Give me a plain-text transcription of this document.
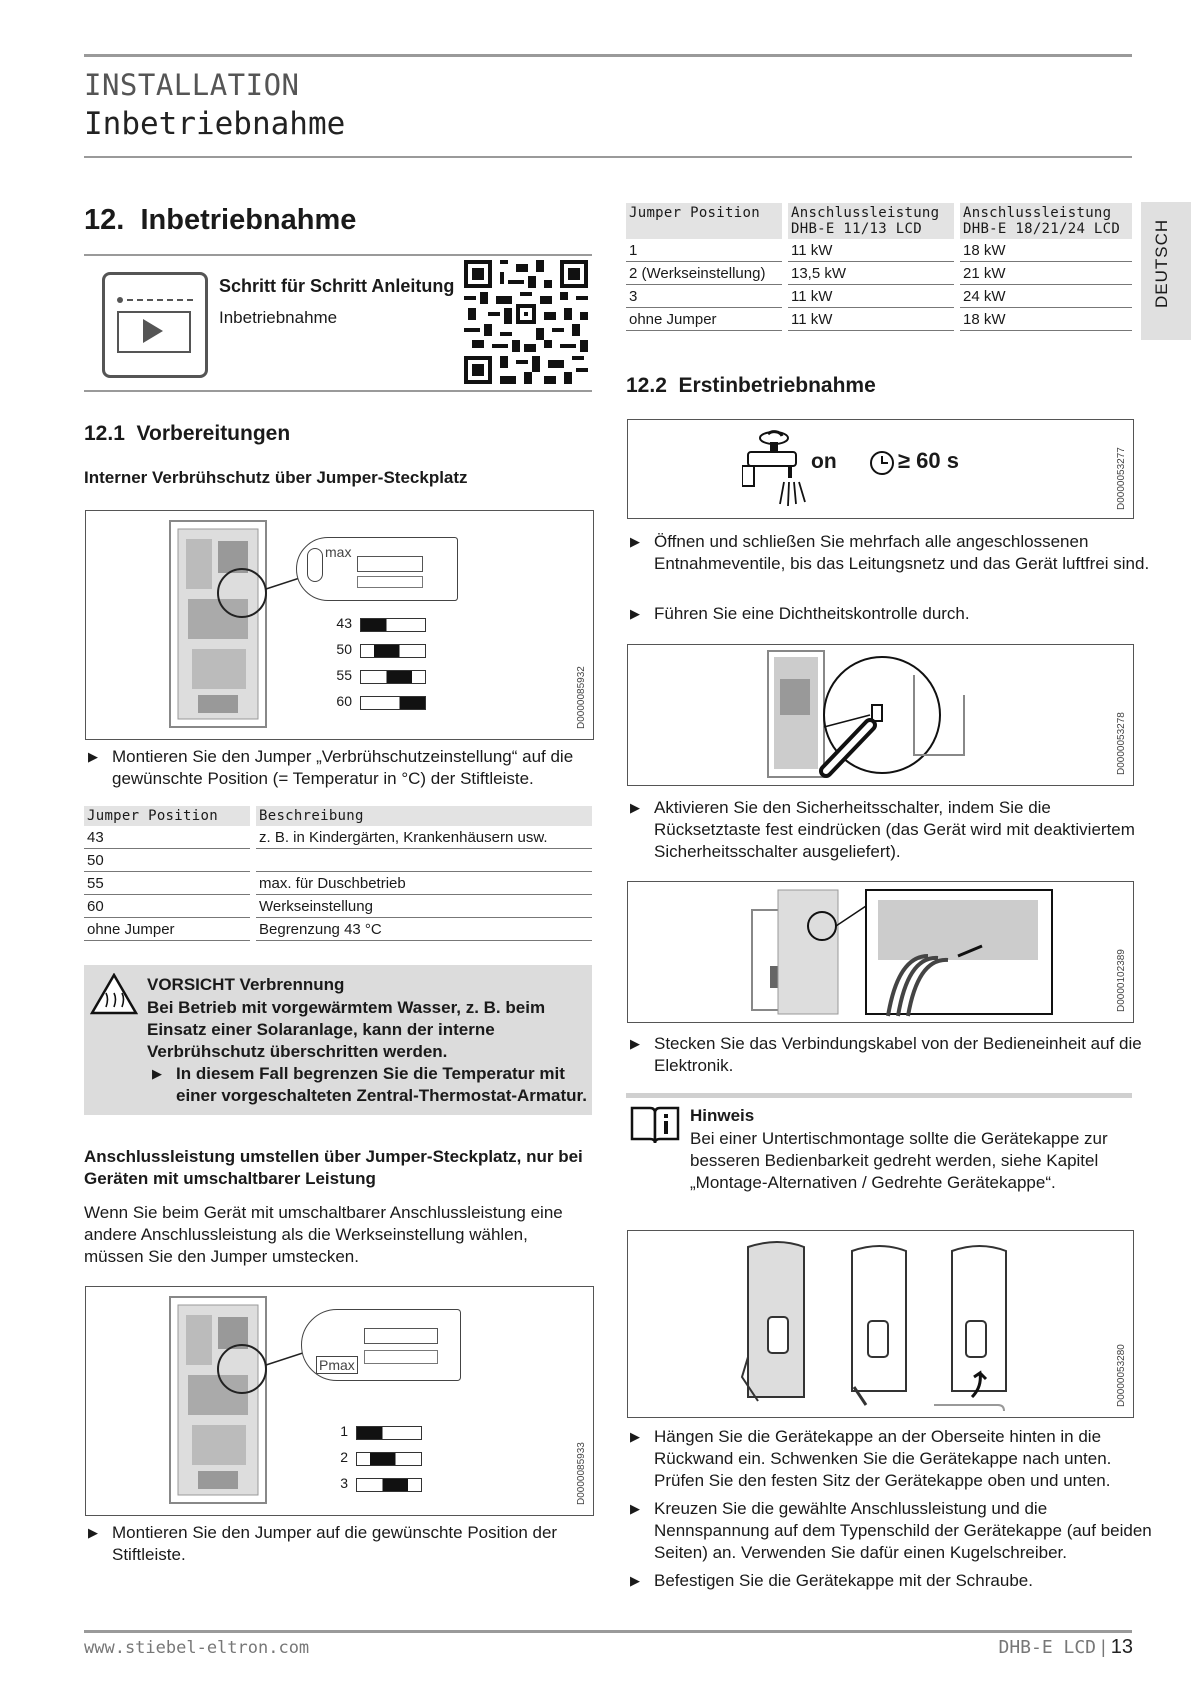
INSTALLATION
Inbetriebnahme
DEUTSCH
12. Inbetriebnahme
Schritt für Schritt Anleitung
Inbetriebnahme
12.1 Vorbereitungen
Interner Verbrühschutz über Jumper-Steckplatz
max
43
50
55
60	D0000085932
▶ Montieren Sie den Jumper „Verbrühschutzeinstellung“ auf die gewünschte Position (= Temperatur in °C) der Stiftleiste.
Jumper Position	Beschreibung
43	z. B. in Kindergärten, Krankenhäusern usw.
50	
55	max. für Duschbetrieb
60	Werkseinstellung
ohne Jumper	Begrenzung 43 °C
VORSICHT Verbrennung
Bei Betrieb mit vorgewärmtem Wasser, z. B. beim Einsatz einer Solaranlage, kann der interne Verbrühschutz überschritten werden.
▶ In diesem Fall begrenzen Sie die Temperatur mit einer vorgeschalteten Zentral-Thermostat-Armatur.
Anschlussleistung umstellen über Jumper-Steckplatz, nur bei Geräten mit umschaltbarer Leistung
Wenn Sie beim Gerät mit umschaltbarer Anschlussleistung eine andere Anschlussleistung als die Werkseinstellung wählen, müssen Sie den Jumper umstecken.
Pmax
1
2
3	D0000085933
▶ Montieren Sie den Jumper auf die gewünschte Position der Stiftleiste.
Jumper Position	Anschlussleistung DHB-E 11/13 LCD	Anschlussleistung DHB-E 18/21/24 LCD
1	11 kW	18 kW
2 (Werkseinstellung)	13,5 kW	21 kW
3	11 kW	24 kW
ohne Jumper	11 kW	18 kW
12.2 Erstinbetriebnahme
on	≥ 60 s	D0000053277
▶ Öffnen und schließen Sie mehrfach alle angeschlossenen Entnahmeventile, bis das Leitungsnetz und das Gerät luftfrei sind.
▶ Führen Sie eine Dichtheitskontrolle durch.
D0000053278
▶ Aktivieren Sie den Sicherheitsschalter, indem Sie die Rücksetztaste fest eindrücken (das Gerät wird mit deaktiviertem Sicherheitsschalter ausgeliefert).
D0000102389
▶ Stecken Sie das Verbindungskabel von der Bedieneinheit auf die Elektronik.
Hinweis
Bei einer Untertischmontage sollte die Gerätekappe zur besseren Bedienbarkeit gedreht werden, siehe Kapitel „Montage-Alternativen / Gedrehte Gerätekappe“.
D0000053280
▶ Hängen Sie die Gerätekappe an der Oberseite hinten in die Rückwand ein. Schwenken Sie die Gerätekappe nach unten. Prüfen Sie den festen Sitz der Gerätekappe oben und unten.
▶ Kreuzen Sie die gewählte Anschlussleistung und die Nennspannung auf dem Typenschild der Gerätekappe (auf beiden Seiten) an. Verwenden Sie dafür einen Kugelschreiber.
▶ Befestigen Sie die Gerätekappe mit der Schraube.
www.stiebel-eltron.com	DHB-E LCD | 13
